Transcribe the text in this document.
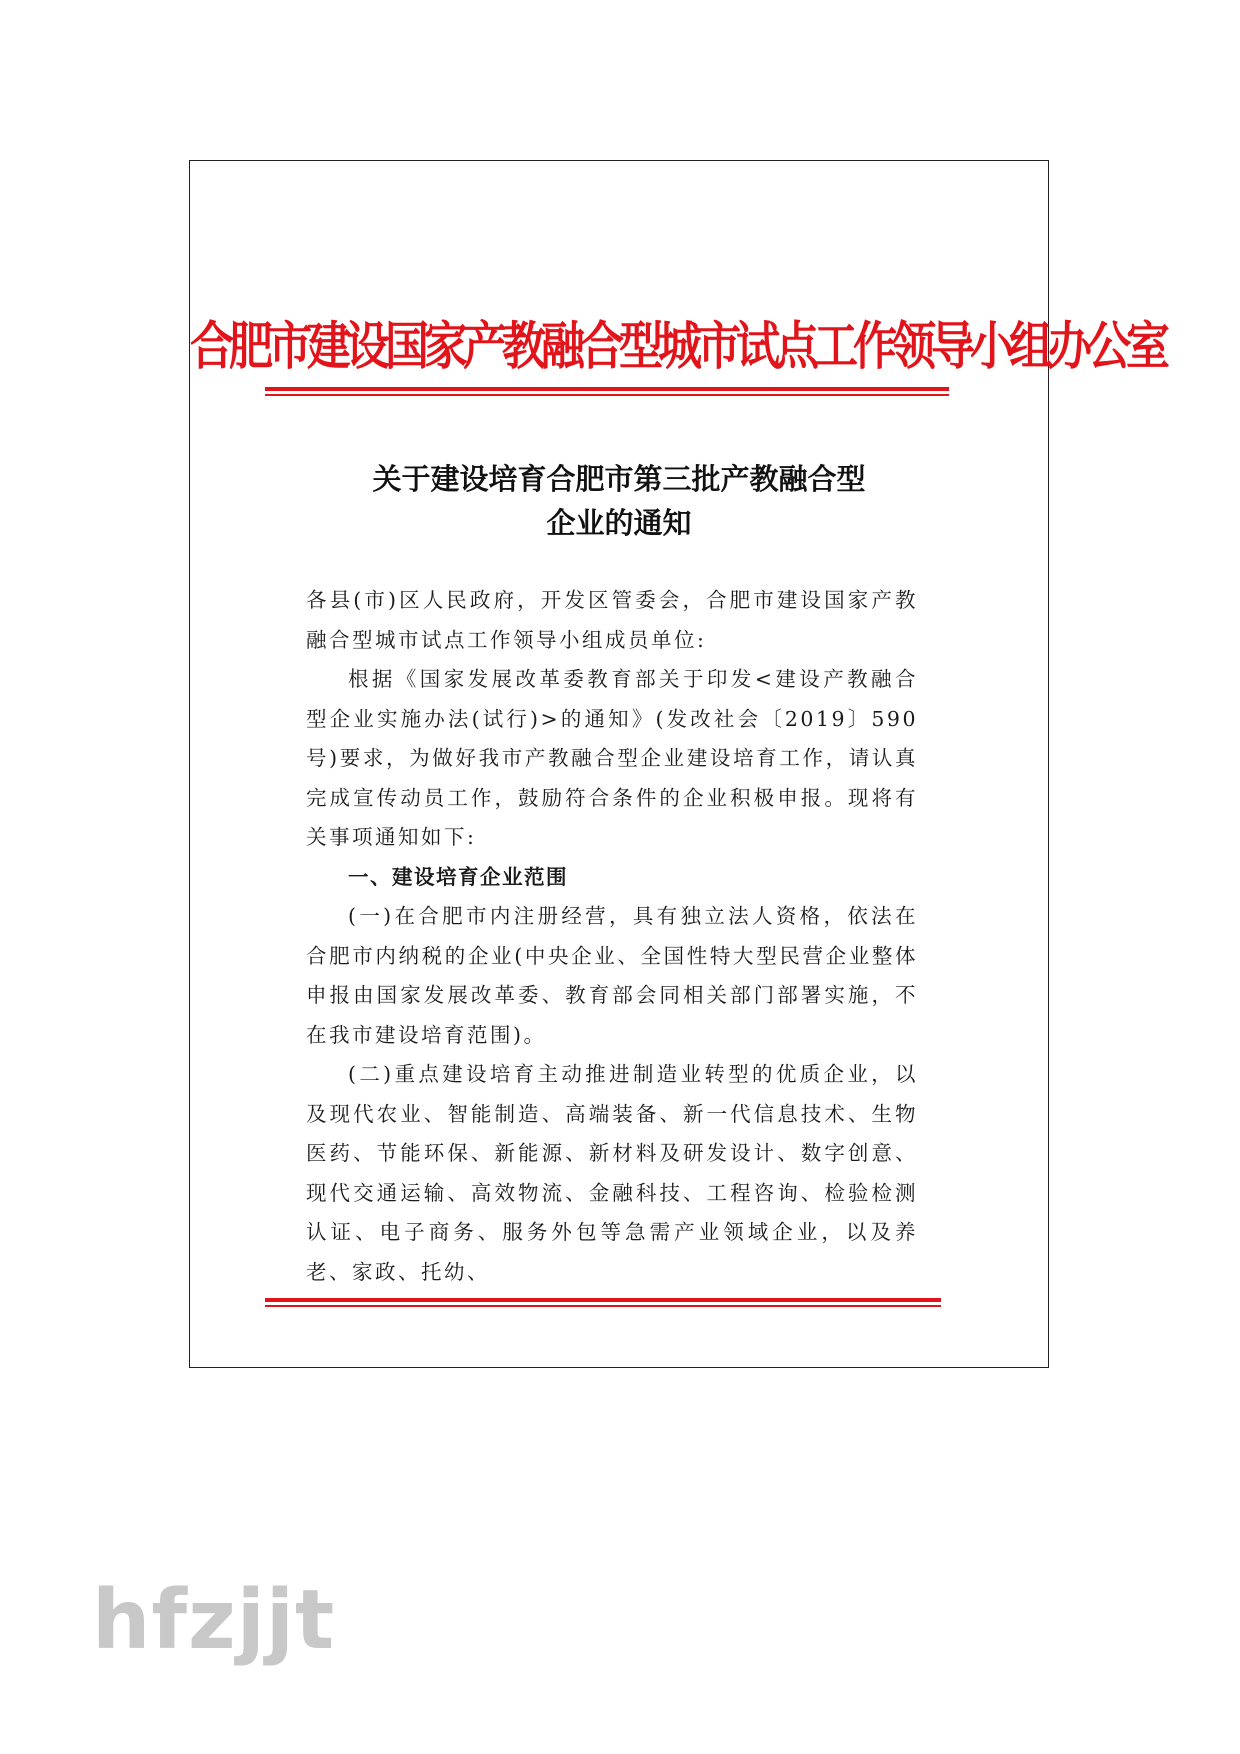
合肥市建设国家产教融合型城市试点工作领导小组办公室
关于建设培育合肥市第三批产教融合型
企业的通知

各县(市)区人民政府，开发区管委会，合肥市建设国家产教融合型城市试点工作领导小组成员单位:

根据《国家发展改革委教育部关于印发<建设产教融合型企业实施办法(试行)>的通知》(发改社会〔2019〕590号)要求，为做好我市产教融合型企业建设培育工作，请认真完成宣传动员工作，鼓励符合条件的企业积极申报。现将有关事项通知如下:

一、建设培育企业范围

(一)在合肥市内注册经营，具有独立法人资格，依法在合肥市内纳税的企业(中央企业、全国性特大型民营企业整体申报由国家发展改革委、教育部会同相关部门部署实施，不在我市建设培育范围)。

(二)重点建设培育主动推进制造业转型的优质企业，以及现代农业、智能制造、高端装备、新一代信息技术、生物医药、节能环保、新能源、新材料及研发设计、数字创意、现代交通运输、高效物流、金融科技、工程咨询、检验检测认证、电子商务、服务外包等急需产业领域企业，以及养老、家政、托幼、

hfzjjt
